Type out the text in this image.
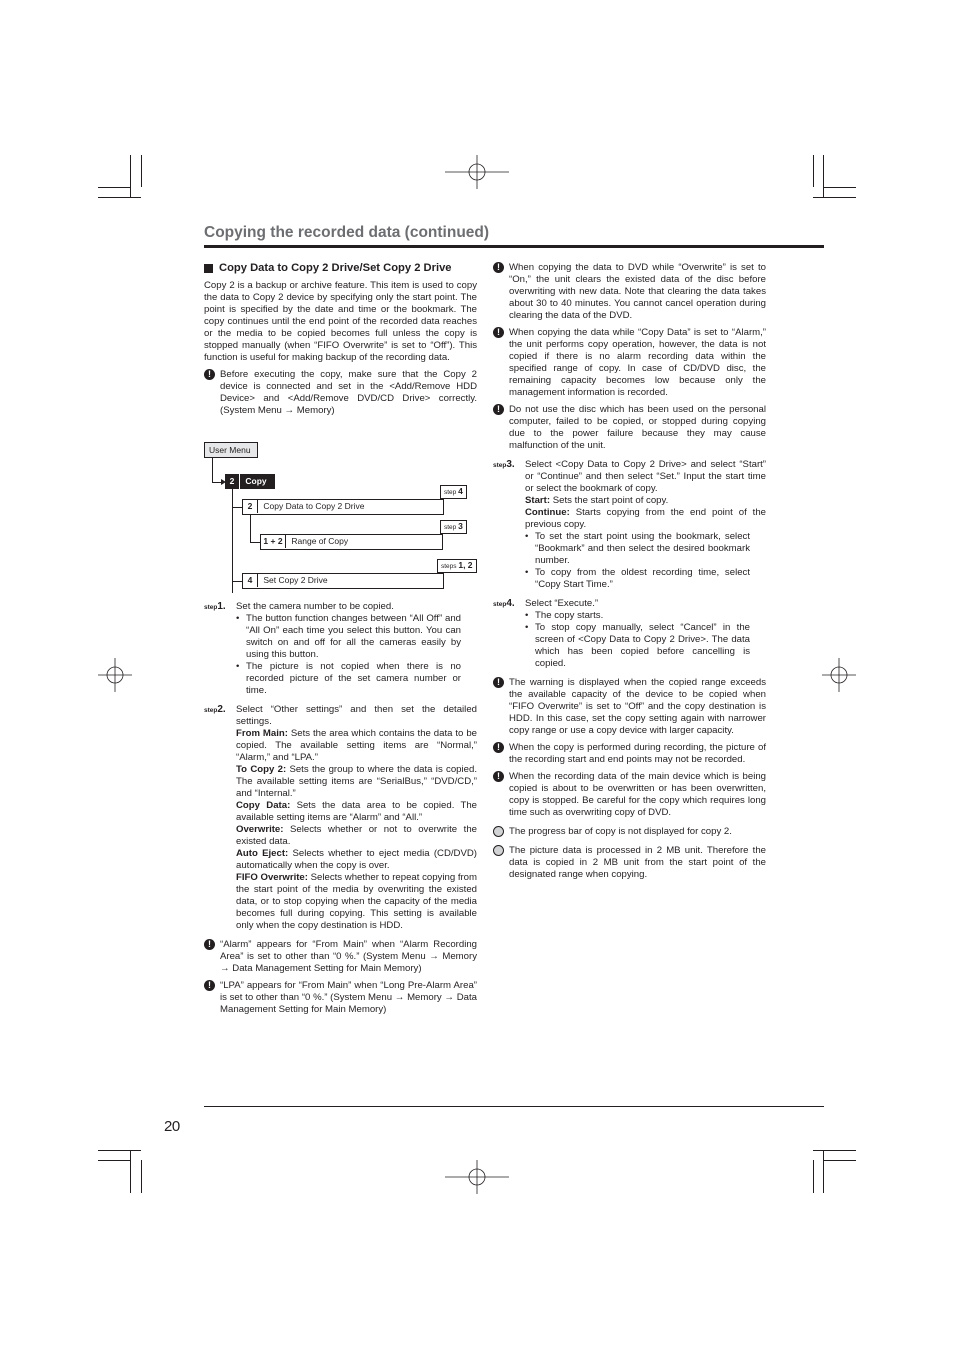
Copying the recorded data (continued)
Copy Data to Copy 2 Drive/Set Copy 2 Drive

Copy 2 is a backup or archive feature. This item is used to copy the data to Copy 2 device by specifying only the start point. The point is specified by the date and time or the bookmark. The copy continues until the end point of the recorded data reaches or the media to be copied becomes full unless the copy is stopped manually (when “FIFO Overwrite” is set to “Off”). This function is useful for making backup of the recording data.

! Before executing the copy, make sure that the Copy 2 device is connected and set in the <Add/Remove HDD Device> and <Add/Remove DVD/CD Drive> correctly. (System Menu → Memory)

User Menu
2 Copy
2 Copy Data to Copy 2 Drive
step 4
1 + 2 Range of Copy
step 3
4 Set Copy 2 Drive
steps 1, 2
step1. Set the camera number to be copied.

• The button function changes between “All Off” and “All On” each time you select this button. You can switch on and off for all the cameras easily by using this button.
• The picture is not copied when there is no recorded picture of the set camera number or time.
step2. Select “Other settings” and then set the detailed settings.

From Main: Sets the area which contains the data to be copied. The available setting items are “Normal,” “Alarm,” and “LPA.”

To Copy 2: Sets the group to where the data is copied. The available setting items are “SerialBus,” “DVD/CD,” and “Internal.”

Copy Data: Sets the data area to be copied. The available setting items are “Alarm” and “All.”

Overwrite: Selects whether or not to overwrite the existed data.

Auto Eject: Selects whether to eject media (CD/DVD) automatically when the copy is over.

FIFO Overwrite: Selects whether to repeat copying from the start point of the media by overwriting the existed data, or to stop copying when the capacity of the media becomes full during copying. This setting is available only when the copy destination is HDD.

! “Alarm” appears for “From Main” when “Alarm Recording Area” is set to other than “0 %.” (System Menu → Memory → Data Management Setting for Main Memory)

! “LPA” appears for “From Main” when “Long Pre-Alarm Area” is set to other than “0 %.” (System Menu → Memory → Data Management Setting for Main Memory)

! When copying the data to DVD while “Overwrite” is set to “On,” the unit clears the existed data of the disc before overwriting with new data. Note that clearing the data takes about 30 to 40 minutes. You cannot cancel operation during clearing the data of the DVD.

! When copying the data while “Copy Data” is set to “Alarm,” the unit performs copy operation, however, the data is not copied if there is no alarm recording data within the specified range of copy. In case of CD/DVD disc, the remaining capacity becomes low because only the management information is recorded.

! Do not use the disc which has been used on the personal computer, failed to be copied, or stopped during copying due to the power failure because they may cause malfunction of the unit.

step3. Select <Copy Data to Copy 2 Drive> and select “Start” or “Continue” and then select “Set.” Input the start time or select the bookmark of copy.

Start: Sets the start point of copy.

Continue: Starts copying from the end point of the previous copy.

• To set the start point using the bookmark, select “Bookmark” and then select the desired bookmark number.
• To copy from the oldest recording time, select “Copy Start Time.”
step4. Select “Execute.”

• The copy starts.
• To stop copy manually, select “Cancel” in the screen of <Copy Data to Copy 2 Drive>. The data which has been copied before cancelling is copied.
! The warning is displayed when the copied range exceeds the available capacity of the device to be copied when “FIFO Overwrite” is set to “Off” and the copy destination is HDD. In this case, set the copy setting again with narrower copy range or use a copy device with larger capacity.

! When the copy is performed during recording, the picture of the recording start and end points may not be recorded.

! When the recording data of the main device which is being copied is about to be overwritten or has been overwritten, copy is stopped. Be careful for the copy which requires long time such as overwriting copy of DVD.

The progress bar of copy is not displayed for copy 2.

The picture data is processed in 2 MB unit. Therefore the data is copied in 2 MB unit from the start point of the designated range when copying.

20
